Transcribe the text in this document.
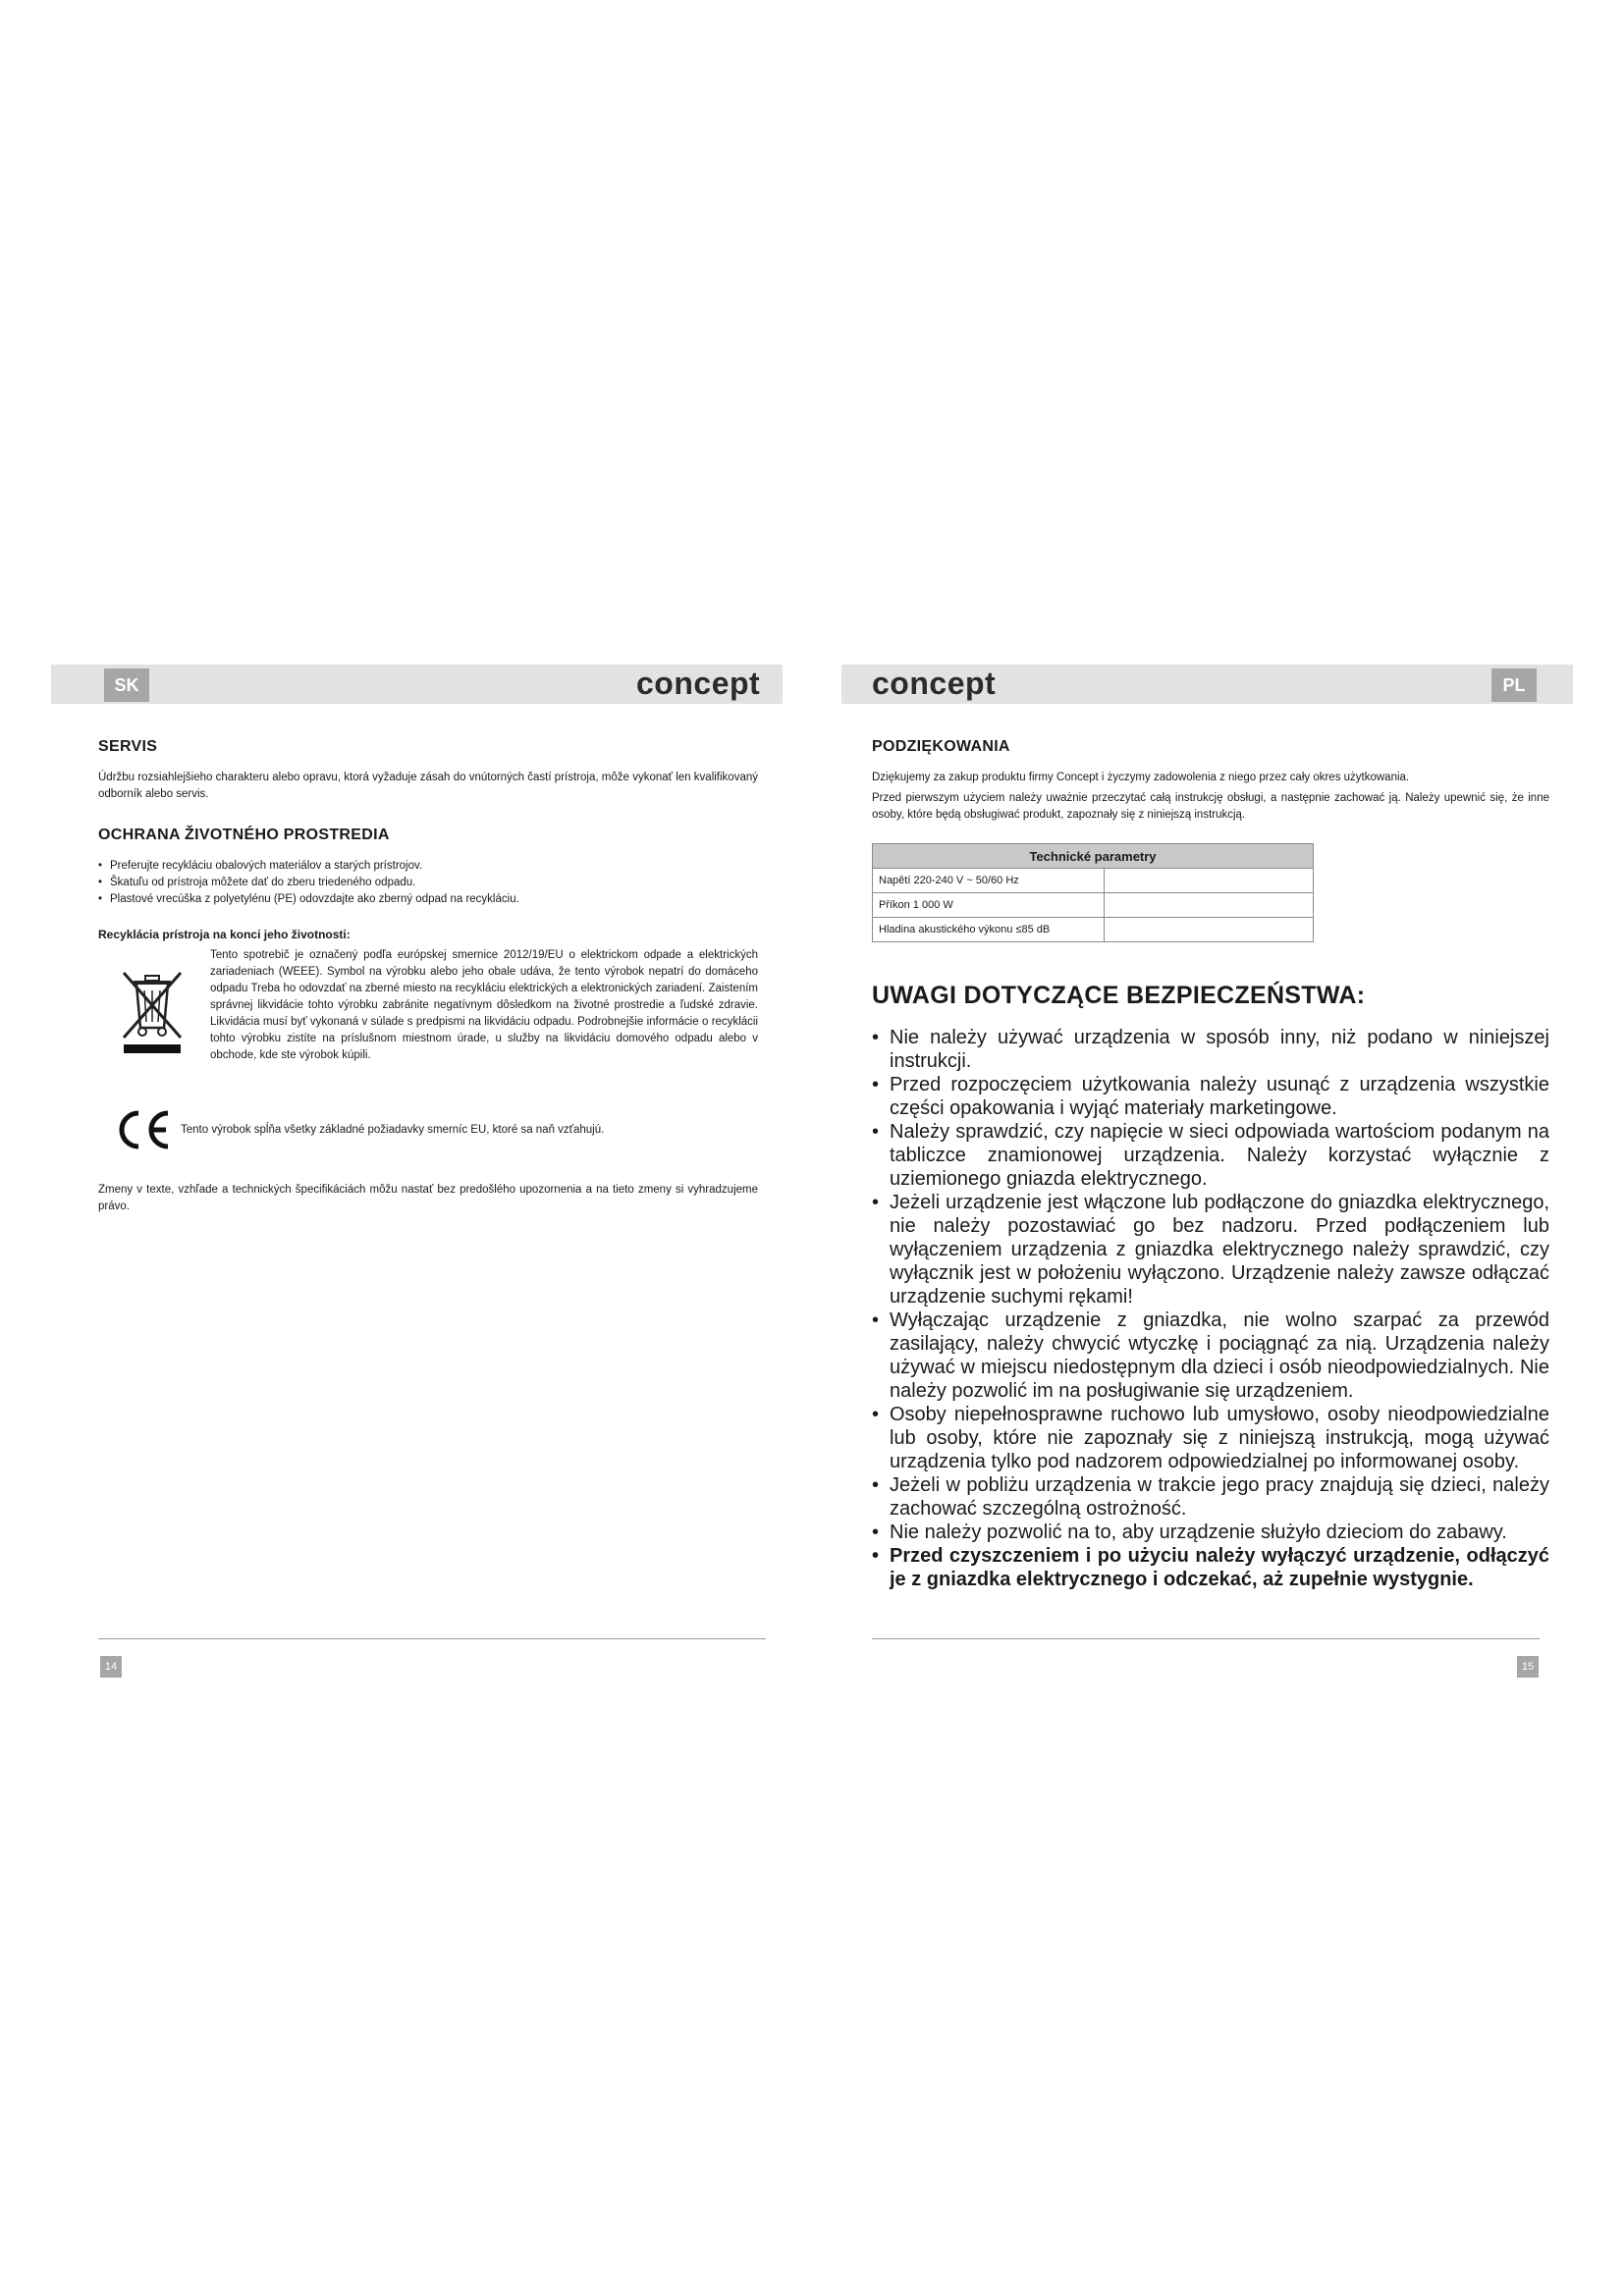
SK	PL
concept	concept
SERVIS

Údržbu rozsiahlejšieho charakteru alebo opravu, ktorá vyžaduje zásah do vnútorných častí prístroja, môže vykonať len kvalifikovaný odborník alebo servis.

OCHRANA ŽIVOTNÉHO PROSTREDIA
• Preferujte recykláciu obalových materiálov a starých prístrojov.
• Škatuľu od prístroja môžete dať do zberu triedeného odpadu.
• Plastové vrecúška z polyetylénu (PE) odovzdajte ako zberný odpad na recykláciu.
Recyklácia prístroja na konci jeho životnosti:

Tento spotrebič je označený podľa európskej smernice 2012/19/EU o elektrickom odpade a elektrických zariadeniach (WEEE). Symbol na výrobku alebo jeho obale udáva, že tento výrobok nepatrí do domáceho odpadu Treba ho odovzdať na zberné miesto na recykláciu elektrických a elektronických zariadení. Zaistením správnej likvidácie tohto výrobku zabránite negatívnym dôsledkom na životné prostredie a ľudské zdravie. Likvidácia musí byť vykonaná v súlade s predpismi na likvidáciu odpadu. Podrobnejšie informácie o recyklácii tohto výrobku zistíte na príslušnom miestnom úrade, u služby na likvidáciu domového odpadu alebo v obchode, kde ste výrobok kúpili.

Tento výrobok spĺňa všetky základné požiadavky smerníc EU, ktoré sa naň vzťahujú.

Zmeny v texte, vzhľade a technických špecifikáciách môžu nastať bez predošlého upozornenia a na tieto zmeny si vyhradzujeme právo.

PODZIĘKOWANIA

Dziękujemy za zakup produktu firmy Concept i życzymy zadowolenia z niego przez cały okres użytkowania.

Przed pierwszym użyciem należy uważnie przeczytać całą instrukcję obsługi, a następnie zachować ją. Należy upewnić się, że inne osoby, które będą obsługiwać produkt, zapoznały się z niniejszą instrukcją.

Technické parametry	
Napětí 220-240 V ~ 50/60 Hz	
Příkon 1 000 W	
Hladina akustického výkonu ≤85 dB	
UWAGI DOTYCZĄCE BEZPIECZEŃSTWA:
• Nie należy używać urządzenia w sposób inny, niż podano w niniejszej instrukcji.
• Przed rozpoczęciem użytkowania należy usunąć z urządzenia wszystkie części opakowania i wyjąć materiały marketingowe.
• Należy sprawdzić, czy napięcie w sieci odpowiada wartościom podanym na tabliczce znamionowej urządzenia. Należy korzystać wyłącznie z uziemionego gniazda elektrycznego.
• Jeżeli urządzenie jest włączone lub podłączone do gniazdka elektrycznego, nie należy pozostawiać go bez nadzoru. Przed podłączeniem lub wyłączeniem urządzenia z gniazdka elektrycznego należy sprawdzić, czy wyłącznik jest w położeniu wyłączono. Urządzenie należy zawsze odłączać urządzenie suchymi rękami!
• Wyłączając urządzenie z gniazdka, nie wolno szarpać za przewód zasilający, należy chwycić wtyczkę i pociągnąć za nią. Urządzenia należy używać w miejscu niedostępnym dla dzieci i osób nieodpowiedzialnych. Nie należy pozwolić im na posługiwanie się urządzeniem.
• Osoby niepełnosprawne ruchowo lub umysłowo, osoby nieodpowiedzialne lub osoby, które nie zapoznały się z niniejszą instrukcją, mogą używać urządzenia tylko pod nadzorem odpowiedzialnej po informowanej osoby.
• Jeżeli w pobliżu urządzenia w trakcie jego pracy znajdują się dzieci, należy zachować szczególną ostrożność.
• Nie należy pozwolić na to, aby urządzenie służyło dzieciom do zabawy.
• Przed czyszczeniem i po użyciu należy wyłączyć urządzenie, odłączyć je z gniazdka elektrycznego i odczekać, aż zupełnie wystygnie.
14	15
